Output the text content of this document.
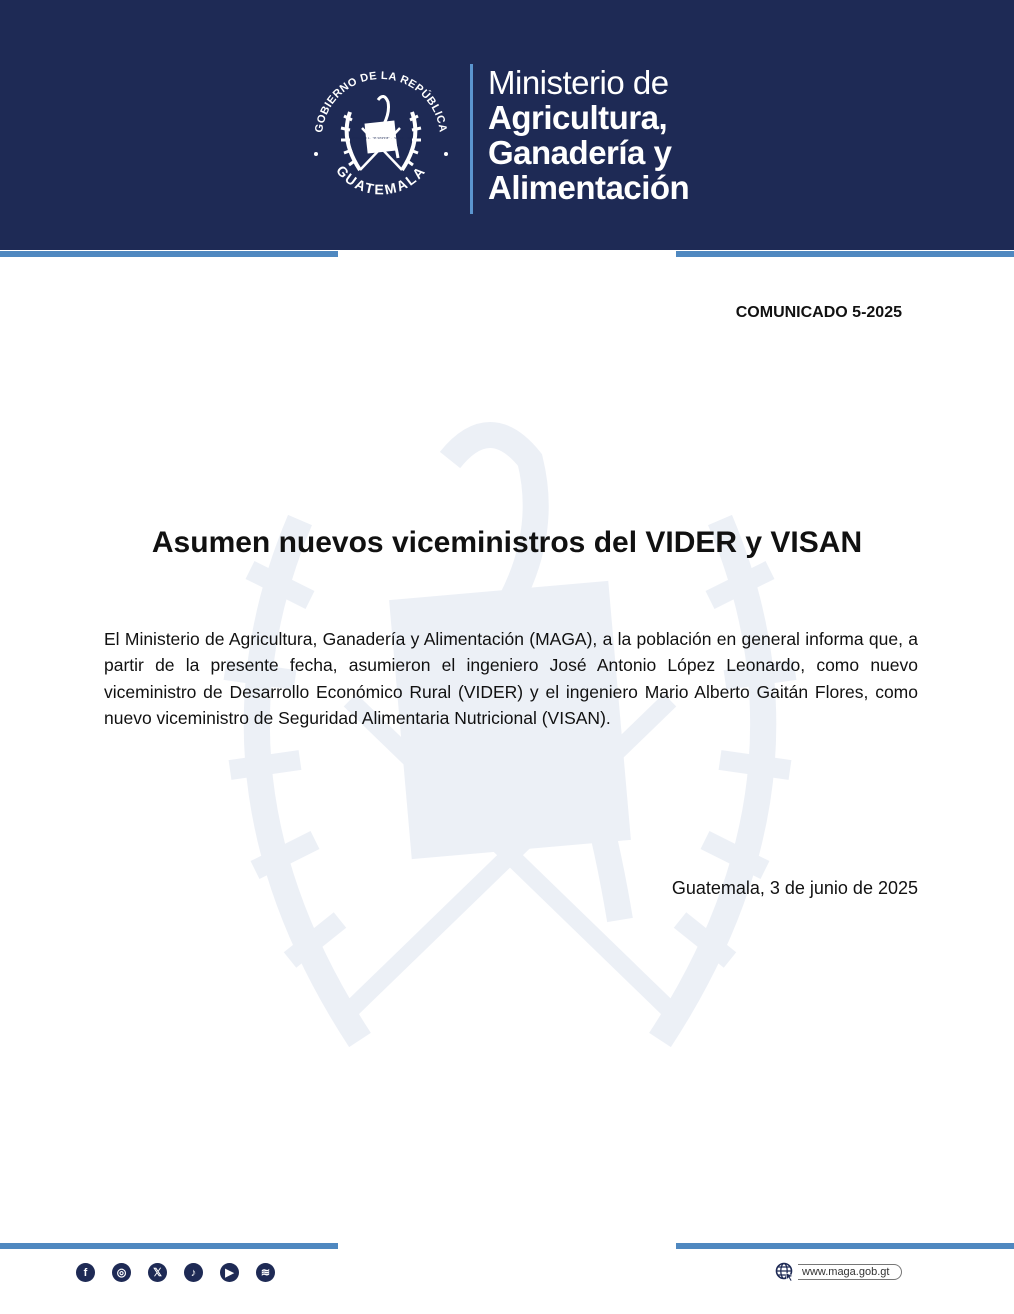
GOBIERNO DE LA REPÚBLICA
GUATEMALA
LIBERTAD 15 DE SEPTIEMBRE DE 1821
Ministerio de
Agricultura,
Ganadería y
Alimentación
COMUNICADO 5-2025
Asumen nuevos viceministros del VIDER y VISAN
El Ministerio de Agricultura, Ganadería y Alimentación (MAGA), a la población en general informa que, a partir de la presente fecha, asumieron el ingeniero José Antonio López Leonardo, como nuevo viceministro de Desarrollo Económico Rural (VIDER) y el ingeniero Mario Alberto Gaitán Flores, como nuevo viceministro de Seguridad Alimentaria Nutricional (VISAN).
Guatemala, 3 de junio de 2025
f	◎	𝕏	♪	▶	≋	www.maga.gob.gt
